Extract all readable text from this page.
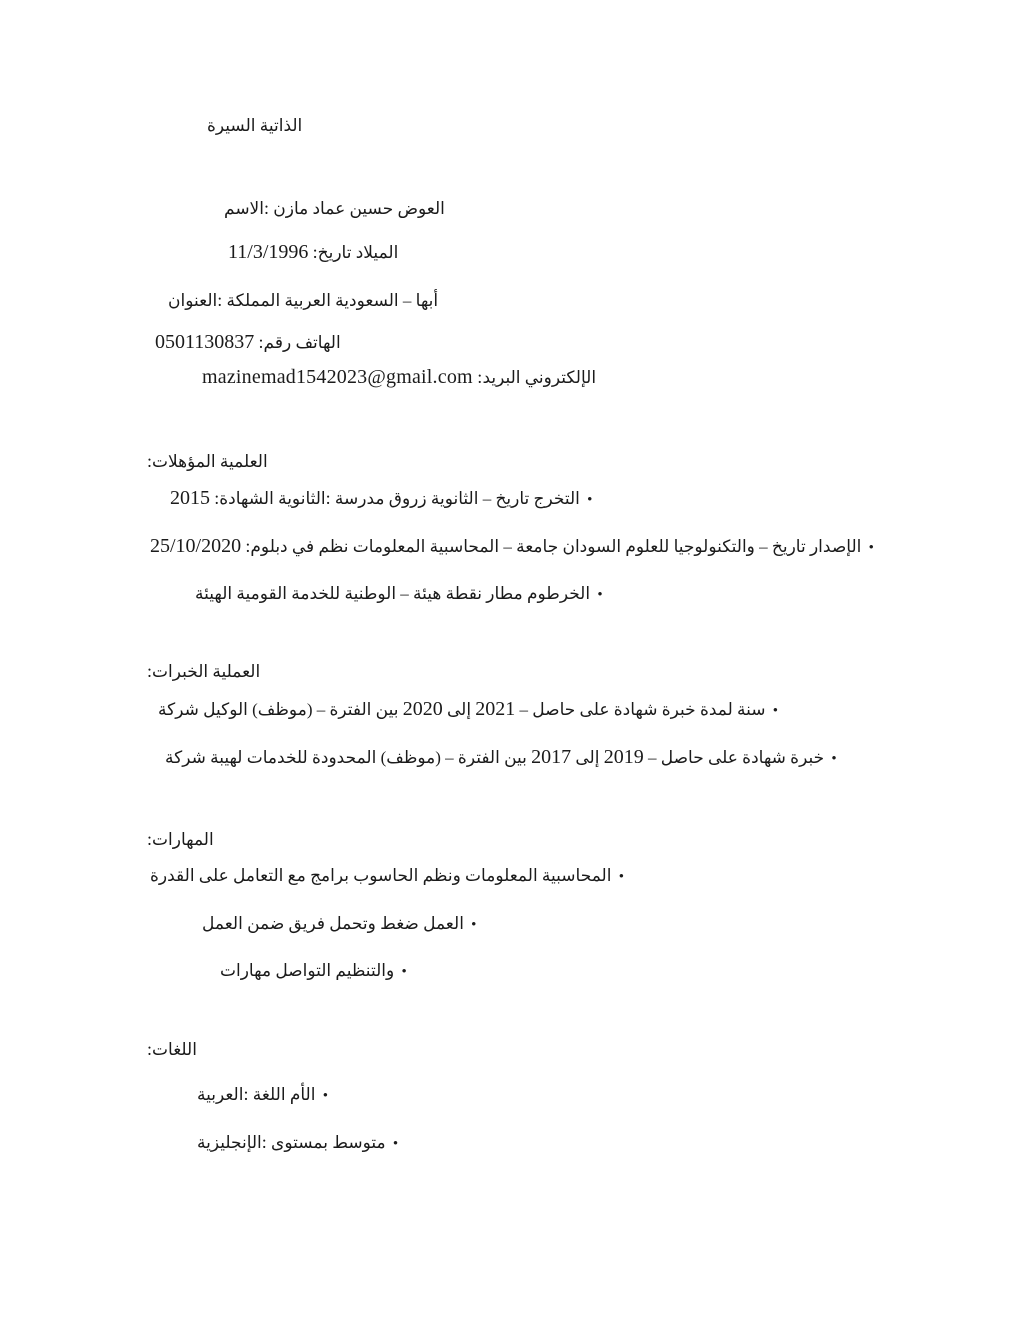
السيرة الذاتية
الاسم: مازن عماد حسين العوض
11/3/1996 :تاريخ الميلاد
العنوان: المملكة العربية السعودية – أبها
0501130837 :رقم الهاتف
mazinemad1542023@gmail.com :البريد الإلكتروني
:المؤهلات العلمية
2015 :الشهادة الثانوية: مدرسة زروق الثانوية – تاريخ التخرج •
25/10/2020 :دبلوم في نظم المعلومات المحاسبية – جامعة السودان للعلوم والتكنولوجيا – تاريخ الإصدار •
الهيئة القومية للخدمة الوطنية – هيئة نقطة مطار الخرطوم •
:الخبرات العملية
شركة الوكيل (موظف) – الفترة بين 2020 إلى 2021 – حاصل على شهادة خبرة لمدة سنة •
شركة لهيبة للخدمات المحدودة (موظف) – الفترة بين 2017 إلى 2019 – حاصل على شهادة خبرة •
:المهارات
القدرة على التعامل مع برامج الحاسوب ونظم المعلومات المحاسبية •
العمل ضمن فريق وتحمل ضغط العمل •
مهارات التواصل والتنظيم •
:اللغات
العربية: اللغة الأم •
الإنجليزية: بمستوى متوسط •
